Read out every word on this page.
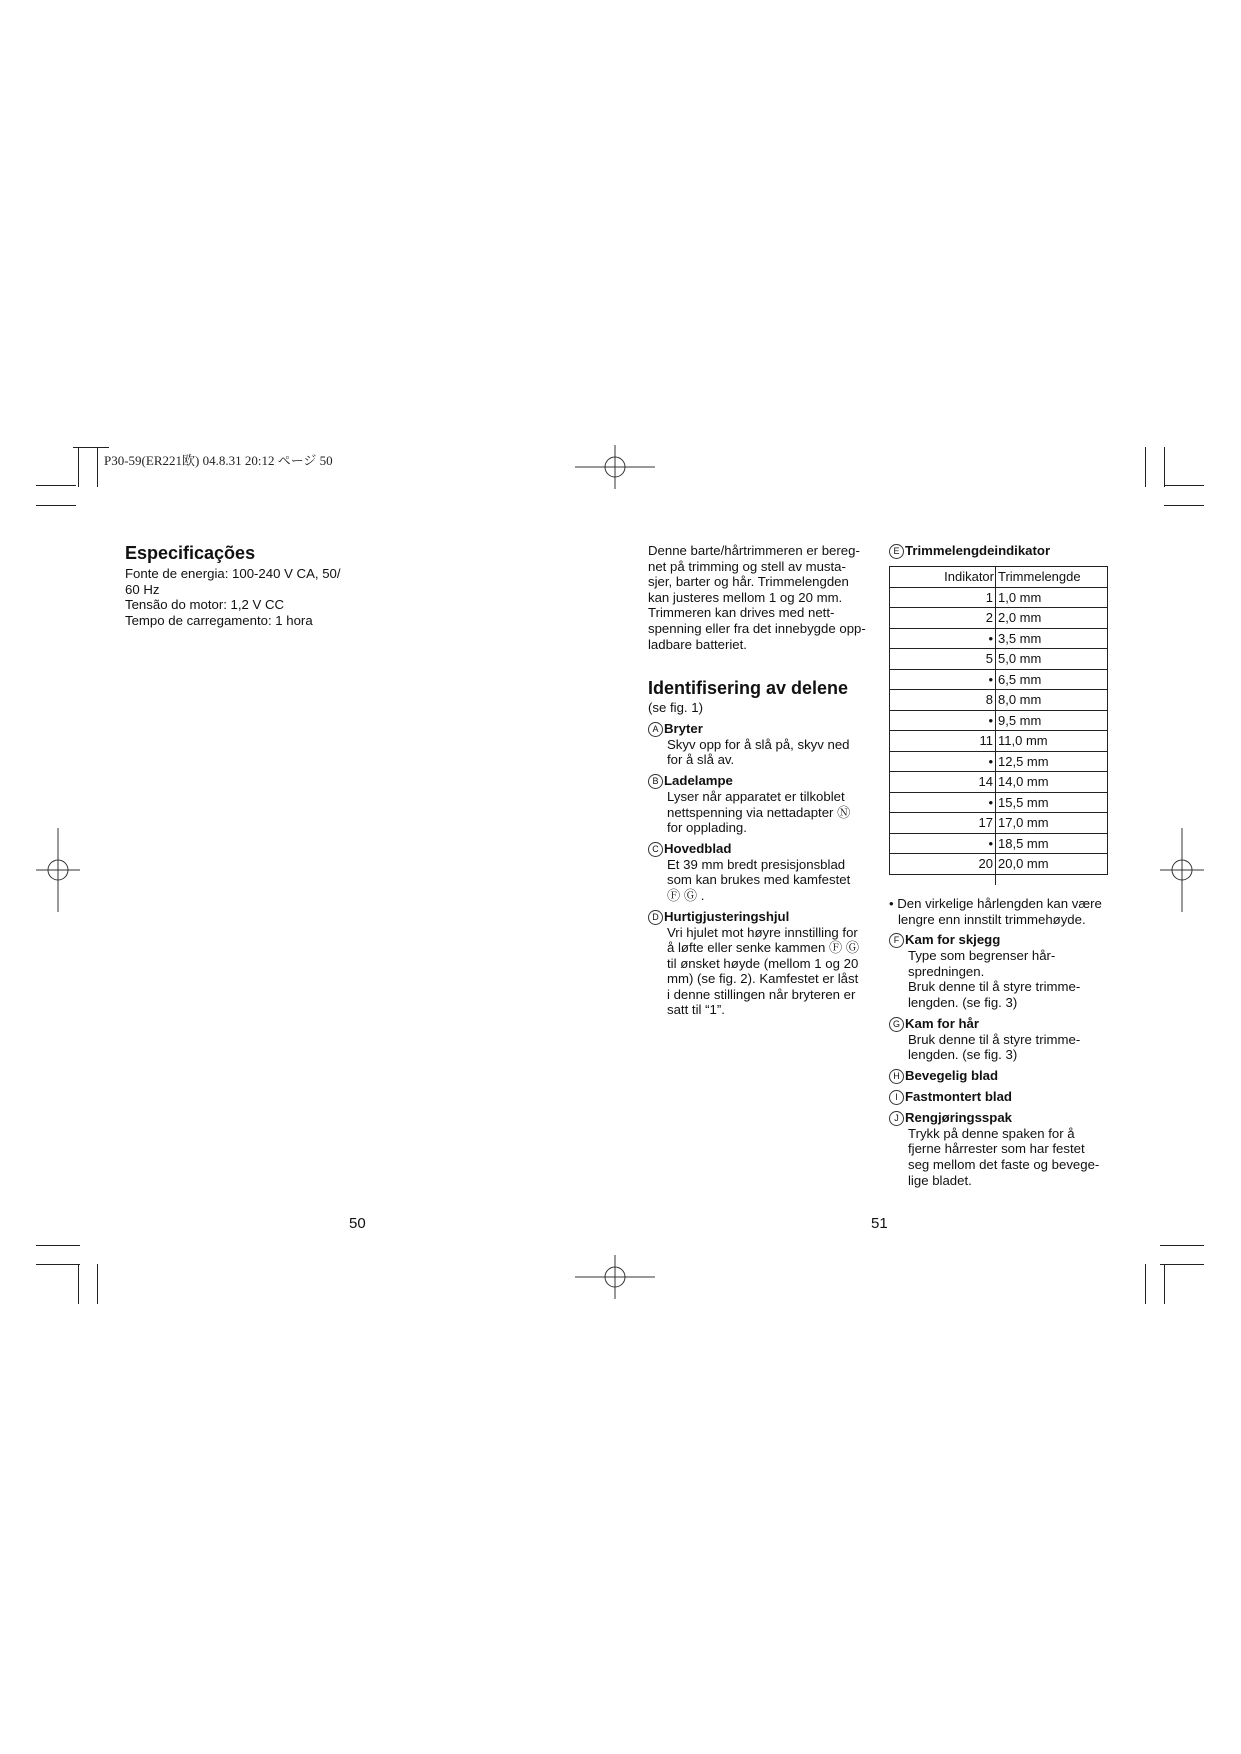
P30-59(ER221欧) 04.8.31 20:12 ページ 50
Especificações
Fonte de energia: 100-240 V CA, 50/
60 Hz
Tensão do motor: 1,2 V CC
Tempo de carregamento: 1 hora
50
Denne barte/hårtrimmeren er bereg-
net på trimming og stell av musta-
sjer, barter og hår. Trimmelengden
kan justeres mellom 1 og 20 mm.
Trimmeren kan drives med nett-
spenning eller fra det innebygde opp-
ladbare batteriet.
Identifisering av delene
(se fig. 1)
A Bryter
Skyv opp for å slå på, skyv ned
for å slå av.
B Ladelampe
Lyser når apparatet er tilkoblet
nettspenning via nettadapter Ⓝ
for opplading.
C Hovedblad
Et 39 mm bredt presisjonsblad
som kan brukes med kamfestet
Ⓕ Ⓖ .
D Hurtigjusteringshjul
Vri hjulet mot høyre innstilling for
å løfte eller senke kammen Ⓕ Ⓖ
til ønsket høyde (mellom 1 og 20
mm) (se fig. 2). Kamfestet er låst
i denne stillingen når bryteren er
satt til “1”.
E Trimmelengdeindikator
Indikator	Trimmelengde
1	1,0 mm
2	2,0 mm
•	3,5 mm
5	5,0 mm
•	6,5 mm
8	8,0 mm
•	9,5 mm
11	11,0 mm
•	12,5 mm
14	14,0 mm
•	15,5 mm
17	17,0 mm
•	18,5 mm
20	20,0 mm
• Den virkelige hårlengden kan være
lengre enn innstilt trimmehøyde.
F Kam for skjegg
Type som begrenser hår-
spredningen.
Bruk denne til å styre trimme-
lengden. (se fig. 3)
G Kam for hår
Bruk denne til å styre trimme-
lengden. (se fig. 3)
H Bevegelig blad
I Fastmontert blad
J Rengjøringsspak
Trykk på denne spaken for å
fjerne hårrester som har festet
seg mellom det faste og bevege-
lige bladet.
51
